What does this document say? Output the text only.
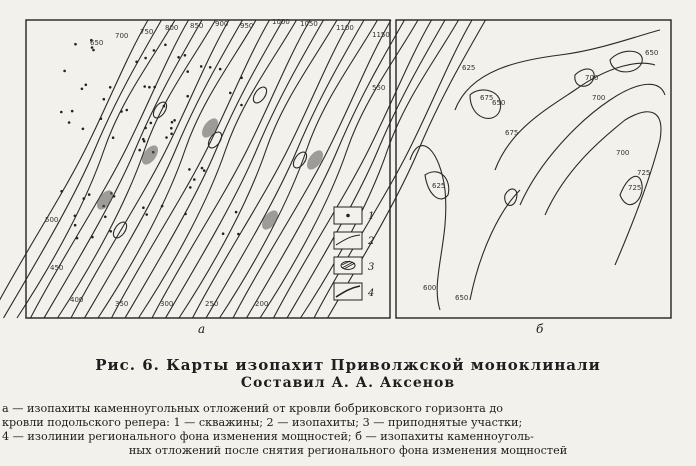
650
700 750 800 850 900 950	1000 1050	1100
1150
550
500
450
400	350	300	250	200
625
650
650
675
675
700
700
725
725
600
625
650
700
1
2
3
4
а	б
Рис. 6. Карты изопахит Приволжской моноклинали
Составил А. А. Аксенов

а — изопахиты каменноугольных отложений от кровли бобриковского горизонта до

кровли подольского репера: 1 — скважины; 2 — изопахиты; 3 — приподнятые участки;

4 — изолинии регионального фона изменения мощностей; б — изопахиты каменноуголь-

ных отложений после снятия регионального фона изменения мощностей
